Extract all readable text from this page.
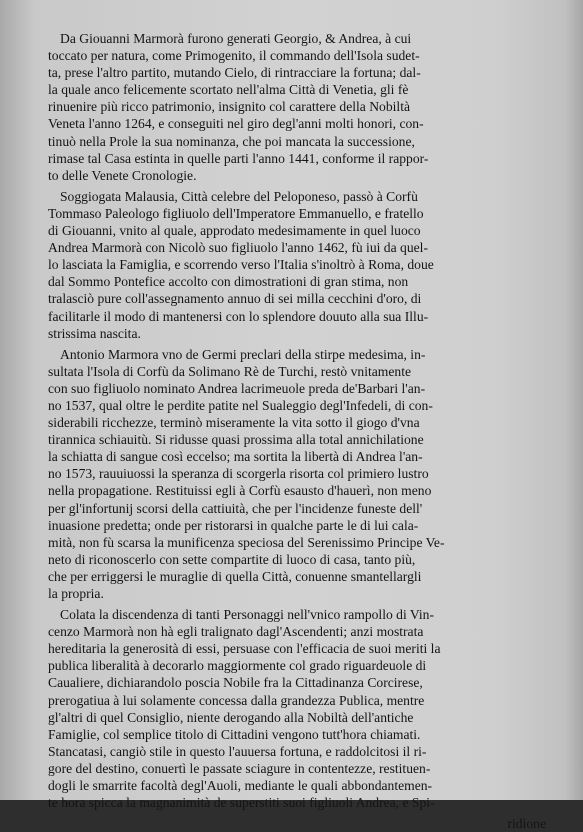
Da Giouanni Marmorà furono generati Georgio, & Andrea, à cui
toccato per natura, come Primogenito, il commando dell'Isola sudet-
ta, prese l'altro partito, mutando Cielo, di rintracciare la fortuna; dal-
la quale anco felicemente scortato nell'alma Città di Venetia, gli fè
rinuenire più ricco patrimonio, insignito col carattere della Nobiltà
Veneta l'anno 1264, e conseguiti nel giro degl'anni molti honori, con-
tinuò nella Prole la sua nominanza, che poi mancata la successione,
rimase tal Casa estinta in quelle parti l'anno 1441, conforme il rappor-
to delle Venete Cronologie.
Soggiogata Malausia, Città celebre del Peloponeso, passò à Corfù
Tommaso Paleologo figliuolo dell'Imperatore Emmanuello, e fratello
di Giouanni, vnito al quale, approdato medesimamente in quel luoco
Andrea Marmorà con Nicolò suo figliuolo l'anno 1462, fù iui da quel-
lo lasciata la Famiglia, e scorrendo verso l'Italia s'inoltrò à Roma, doue
dal Sommo Pontefice accolto con dimostrationi di gran stima, non
tralasciò pure coll'assegnamento annuo di sei milla cecchini d'oro, di
facilitarle il modo di mantenersi con lo splendore douuto alla sua Illu-
strissima nascita.
Antonio Marmora vno de Germi preclari della stirpe medesima, in-
sultata l'Isola di Corfù da Solimano Rè de Turchi, restò vnitamente
con suo figliuolo nominato Andrea lacrimeuole preda de'Barbari l'an-
no 1537, qual oltre le perdite patite nel Sualeggio degl'Infedeli, di con-
siderabili ricchezze, terminò miseramente la vita sotto il giogo d'vna
tirannica schiauitù. Si ridusse quasi prossima alla total annichilatione
la schiatta di sangue così eccelso; ma sortita la libertà di Andrea l'an-
no 1573, rauuiuossi la speranza di scorgerla risorta col primiero lustro
nella propagatione. Restituissi egli à Corfù esausto d'hauerì, non meno
per gl'infortunij scorsi della cattiuità, che per l'incidenze funeste dell'
inuasione predetta; onde per ristorarsi in qualche parte le di lui cala-
mità, non fù scarsa la munificenza speciosa del Serenissimo Principe Ve-
neto di riconoscerlo con sette compartite di luoco di casa, tanto più,
che per erriggersi le muraglie di quella Città, conuenne smantellargli
la propria.
Colata la discendenza di tanti Personaggi nell'vnico rampollo di Vin-
cenzo Marmorà non hà egli tralignato dagl'Ascendenti; anzi mostrata
hereditaria la generosità di essi, persuase con l'efficacia de suoi meriti la
publica liberalità à decorarlo maggiormente col grado riguardeuole di
Caualiere, dichiarandolo poscia Nobile fra la Cittadinanza Corcirese,
prerogatiua à lui solamente concessa dalla grandezza Publica, mentre
gl'altri di quel Consiglio, niente derogando alla Nobiltà dell'antiche
Famiglie, col semplice titolo di Cittadini vengono tutt'hora chiamati.
Stancatasi, cangiò stile in questo l'auuersa fortuna, e raddolcitosi il ri-
gore del destino, conuertì le passate sciagure in contentezze, restituen-
dogli le smarrite facoltà degl'Auoli, mediante le quali abbondantemen-
te hora spicca la magnanimità de superstiti suoi figliuoli Andrea, e Spi-
ridione
